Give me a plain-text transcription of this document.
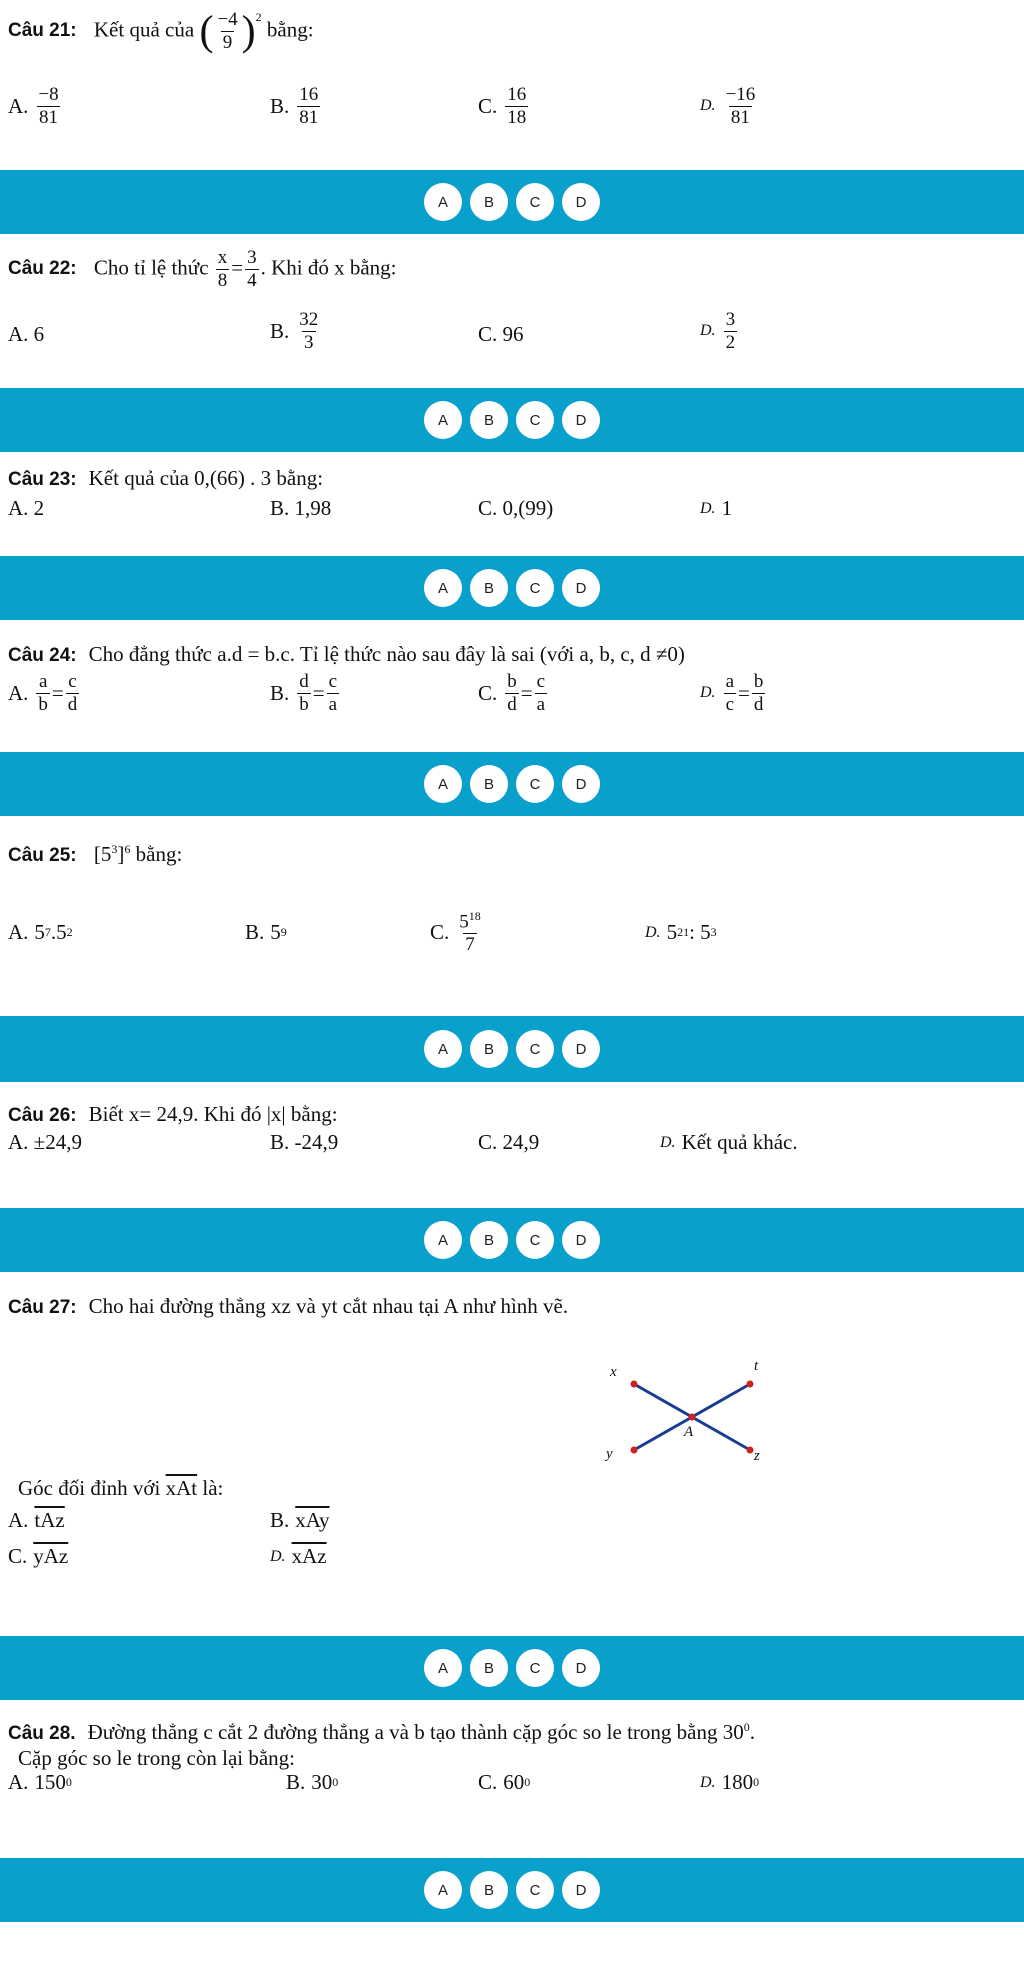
Câu 21: Kết quả của ( $\frac{-4}{9} )^2$ bằng:
A. $\frac{-8}{81}$	B. $\frac{16}{81}$	C. $\frac{16}{18}$	D. $\frac{-16}{81}$
A	B	C	D
Câu 22: Cho tỉ lệ thức $\frac{x}{8} = \frac{3}{4}$ . Khi đó x bằng:
A. 6	B. $\frac{32}{3}$	C. 96	D. $\frac{3}{2}$
A	B	C	D
Câu 23: Kết quả của 0,(66) . 3 bằng:
A. 2	B. 1,98	C. 0,(99)	D. 1
A	B	C	D
Câu 24: Cho đẳng thức a.d = b.c. Tỉ lệ thức nào sau đây là sai (với a, b, c, d ≠0)
A. $\frac{a}{b} = \frac{c}{d}$	B. $\frac{d}{b} = \frac{c}{a}$	C. $\frac{b}{d} = \frac{c}{a}$	D. $\frac{a}{c} = \frac{b}{d}$
A	B	C	D
Câu 25: $[5^3]^6$ bằng:
A. 5 7 .5 2	B. 5 9	C. $\frac{5^{18}}{7}$	D. 5 21 : 5 3
A	B	C	D
Câu 26: Biết x= 24,9. Khi đó |x| bằng:
A. ±24,9	B. -24,9	C. 24,9	D. Kết quả khác.
A	B	C	D
Câu 27: Cho hai đường thẳng xz và yt cắt nhau tại A như hình vẽ.
x	t
A
y	z
Góc đối đỉnh với $\overline{xAt}$ là:
A. $\overline{tAz}$	B. $\overline{xAy}$
C. $\overline{yAz}$	D. $\overline{xAz}$
A	B	C	D
Câu 28. Đường thẳng c cắt 2 đường thẳng a và b tạo thành cặp góc so le trong bằng $30^0$.
Cặp góc so le trong còn lại bằng:
A. 150 0	B. 30 0	C. 60 0	D. 180 0
A	B	C	D
